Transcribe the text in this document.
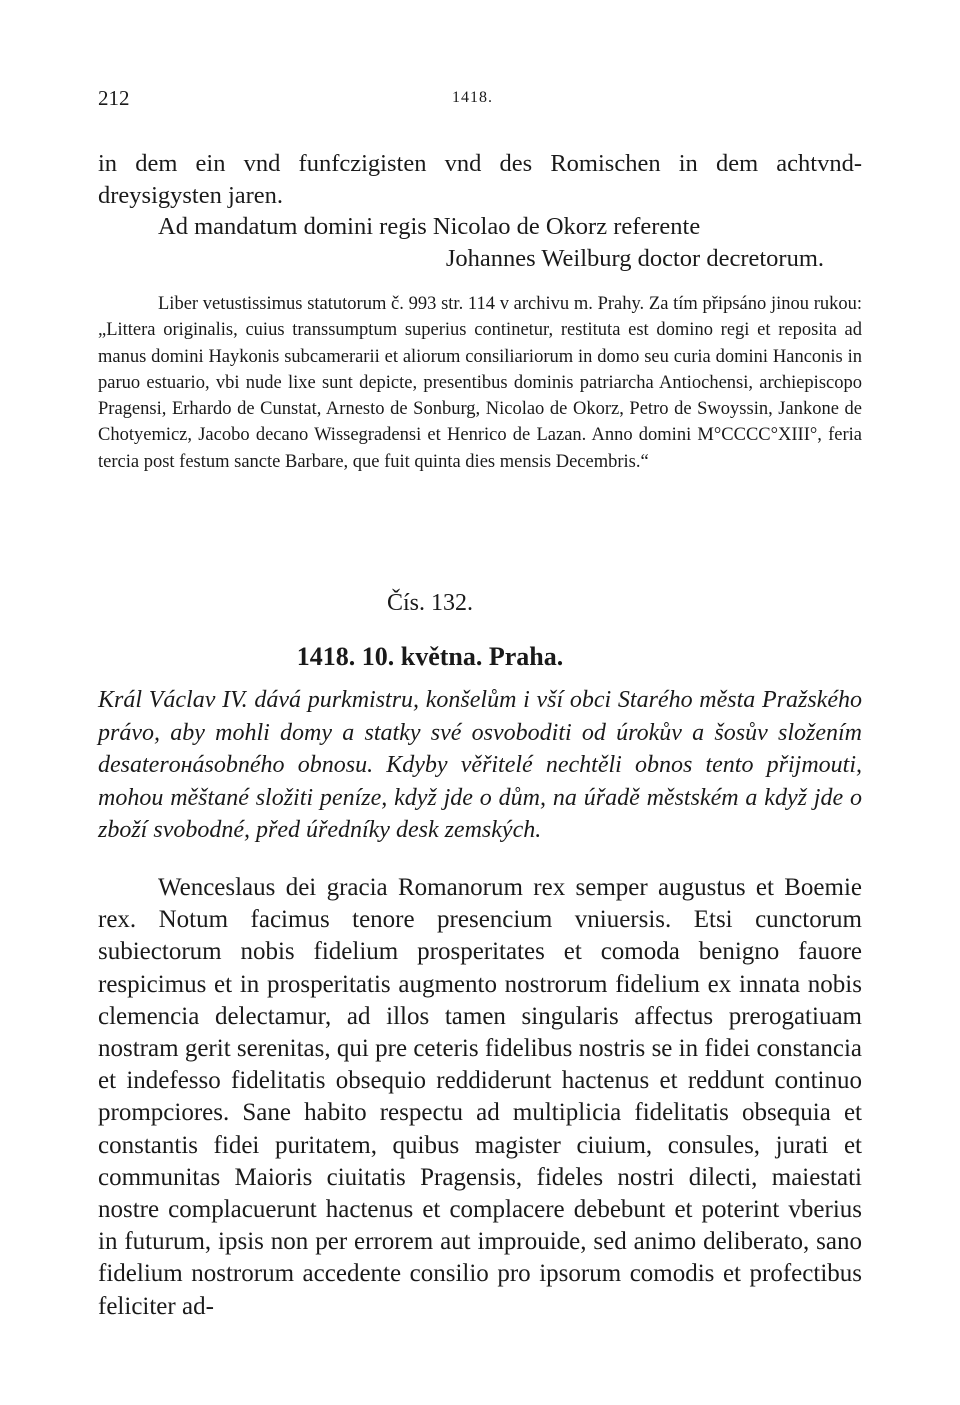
212	1418.

in dem ein vnd funfczigisten vnd des Romischen in dem achtvnd-dreysigysten jaren.

Ad mandatum domini regis Nicolao de Okorz referente

Johannes Weilburg doctor decretorum.

Liber vetustissimus statutorum č. 993 str. 114 v archivu m. Prahy. Za tím připsáno jinou rukou: „Littera originalis, cuius transsumptum superius continetur, restituta est domino regi et reposita ad manus domini Haykonis subcamerarii et aliorum consiliariorum in domo seu curia domini Hanconis in paruo estuario, vbi nude lixe sunt depicte, presentibus dominis patriarcha Antiochensi, archiepiscopo Pragensi, Erhardo de Cunstat, Arnesto de Sonburg, Nicolao de Okorz, Petro de Swoyssin, Jankone de Chotyemicz, Jacobo decano Wissegradensi et Henrico de Lazan. Anno domini M°CCCC°XIII°, feria tercia post festum sancte Barbare, que fuit quinta dies mensis Decembris.“

Čís. 132.
1418. 10. května. Praha.

Král Václav IV. dává purkmistru, konšelům i vší obci Starého města Pražského právo, aby mohli domy a statky své osvoboditi od úrokův a šosův složením desaterонásobného obnosu. Kdyby věřitelé nechtěli obnos tento přijmouti, mohou měštané složiti peníze, když jde o dům, na úřadě městském a když jde o zboží svobodné, před úředníky desk zemských.

Wenceslaus dei gracia Romanorum rex semper augustus et Boemie rex. Notum facimus tenore presencium vniuersis. Etsi cunctorum subiectorum nobis fidelium prosperitates et comoda benigno fauore respicimus et in prosperitatis augmento nostrorum fidelium ex innata nobis clemencia delectamur, ad illos tamen singularis affectus prerogatiuam nostram gerit serenitas, qui pre ceteris fidelibus nostris se in fidei constancia et indefesso fidelitatis obsequio reddiderunt hactenus et reddunt continuo prompciores. Sane habito respectu ad multiplicia fidelitatis obsequia et constantis fidei puritatem, quibus magister ciuium, consules, jurati et communitas Maioris ciuitatis Pragensis, fideles nostri dilecti, maiestati nostre complacuerunt hactenus et complacere debebunt et poterint vberius in futurum, ipsis non per errorem aut improuide, sed animo deliberato, sano fidelium nostrorum accedente consilio pro ipsorum comodis et profectibus feliciter ad-
